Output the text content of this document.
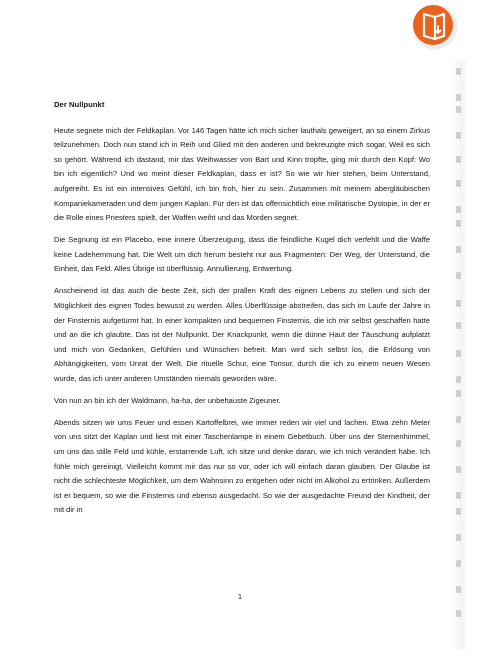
Der Nullpunkt

Heute segnete mich der Feldkaplan. Vor 146 Tagen hätte ich mich sicher lauthals geweigert, an so einem Zirkus teilzunehmen. Doch nun stand ich in Reih und Glied mit den anderen und bekreuzigte mich sogar. Weil es sich so gehört. Während ich dastand, mir das Weihwasser von Bart und Kinn tropfte, ging mir durch den Kopf: Wo bin ich eigentlich? Und wo meint dieser Feldkaplan, dass er ist? So wie wir hier stehen, beim Unterstand, aufgereiht. Es ist ein intensives Gefühl, ich bin froh, hier zu sein. Zusammen mit meinem abergläubischen Kompaniekameraden und dem jungen Kaplan. Für den ist das offensichtlich eine militärische Dystopie, in der er die Rolle eines Priesters spielt, der Waffen weiht und das Morden segnet.

Die Segnung ist ein Placebo, eine innere Überzeugung, dass die feindliche Kugel dich verfehlt und die Waffe keine Ladehemmung hat. Die Welt um dich herum besteht nur aus Fragmenten: Der Weg, der Unterstand, die Einheit, das Feld. Alles Übrige ist überflüssig. Annullierung, Entwertung.

Anscheinend ist das auch die beste Zeit, sich der prallen Kraft des eignen Lebens zu stellen und sich der Möglichkeit des eignen Todes bewusst zu werden. Alles Überflüssige abstreifen, das sich im Laufe der Jahre in der Finsternis aufgetürmt hat. In einer kompakten und bequemen Finsternis, die ich mir selbst geschaffen hatte und an die ich glaubte. Das ist der Nullpunkt. Der Knackpunkt, wenn die dünne Haut der Täuschung aufplatzt und mich von Gedanken, Gefühlen und Wünschen befreit. Man wird sich selbst los, die Erlösung von Abhängigkeiten, vom Unrat der Welt. Die rituelle Schur, eine Tonsur, durch die ich zu einem neuen Wesen wurde, das ich unter anderen Umständen niemals geworden wäre.

Von nun an bin ich der Waldmann, ha-ha, der unbehauste Zigeuner.

Abends sitzen wir ums Feuer und essen Kartoffelbrei, wie immer reden wir viel und lachen. Etwa zehn Meter von uns sitzt der Kaplan und liest mit einer Taschenlampe in einem Gebetbuch. Über uns der Sternenhimmel, um uns das stille Feld und kühle, erstarrende Luft, ich sitze und denke daran, wie ich mich verändert habe. Ich fühle mich gereinigt. Vielleicht kommt mir das nur so vor, oder ich will einfach daran glauben. Der Glaube ist nicht die schlechteste Möglichkeit, um dem Wahnsinn zu entgehen oder nicht im Alkohol zu ertrinken. Außerdem ist er bequem, so wie die Finsternis und ebenso ausgedacht. So wie der ausgedachte Freund der Kindheit, der mit dir in

1
